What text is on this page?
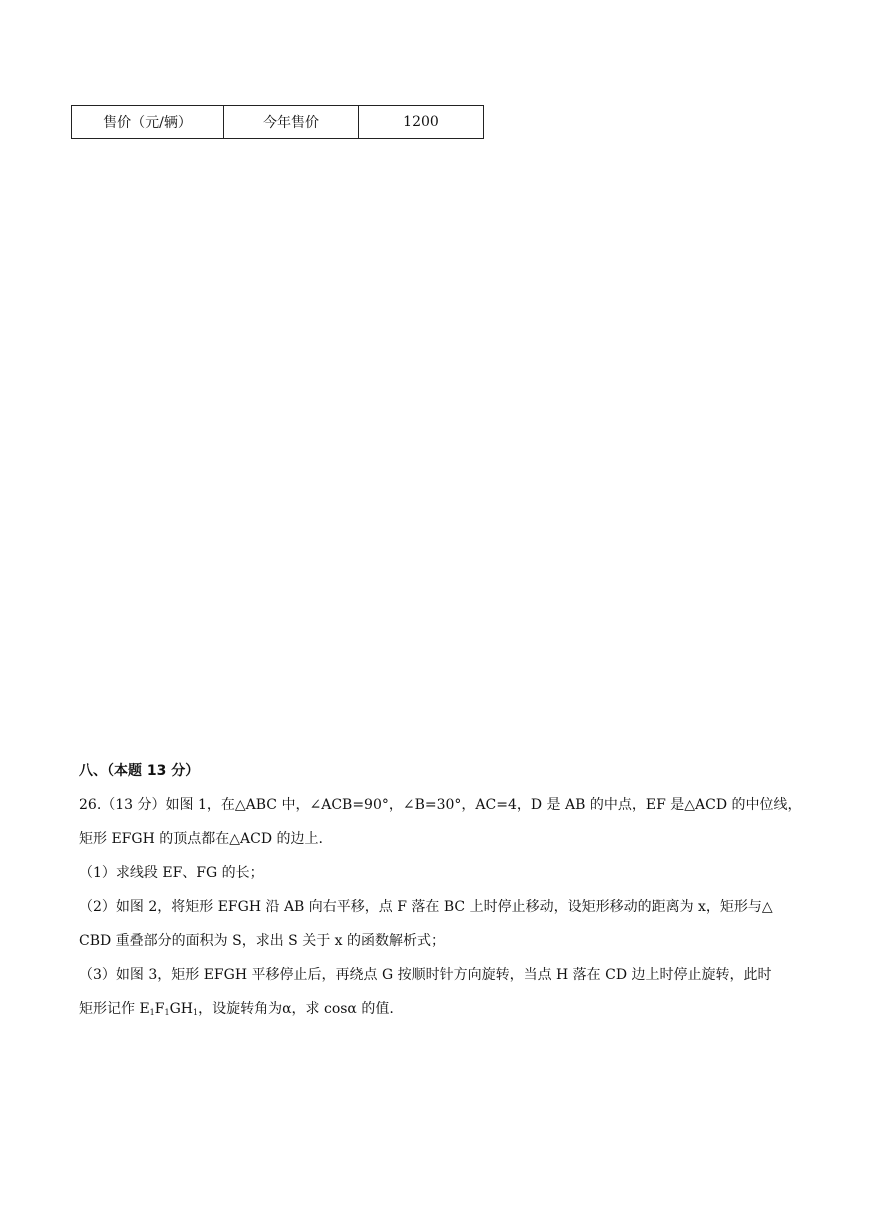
售价（元/辆）	今年售价	1200
八、（本题 13 分）
26.（13 分）如图 1，在△ABC 中，∠ACB=90°，∠B=30°，AC=4，D 是 AB 的中点，EF 是△ACD 的中位线，
矩形 EFGH 的顶点都在△ACD 的边上.
（1）求线段 EF、FG 的长；
（2）如图 2，将矩形 EFGH 沿 AB 向右平移，点 F 落在 BC 上时停止移动，设矩形移动的距离为 x，矩形与△
CBD 重叠部分的面积为 S，求出 S 关于 x 的函数解析式；
（3）如图 3，矩形 EFGH 平移停止后，再绕点 G 按顺时针方向旋转，当点 H 落在 CD 边上时停止旋转，此时
矩形记作 $E_1F_1GH_1$，设旋转角为α，求 cosα 的值.
